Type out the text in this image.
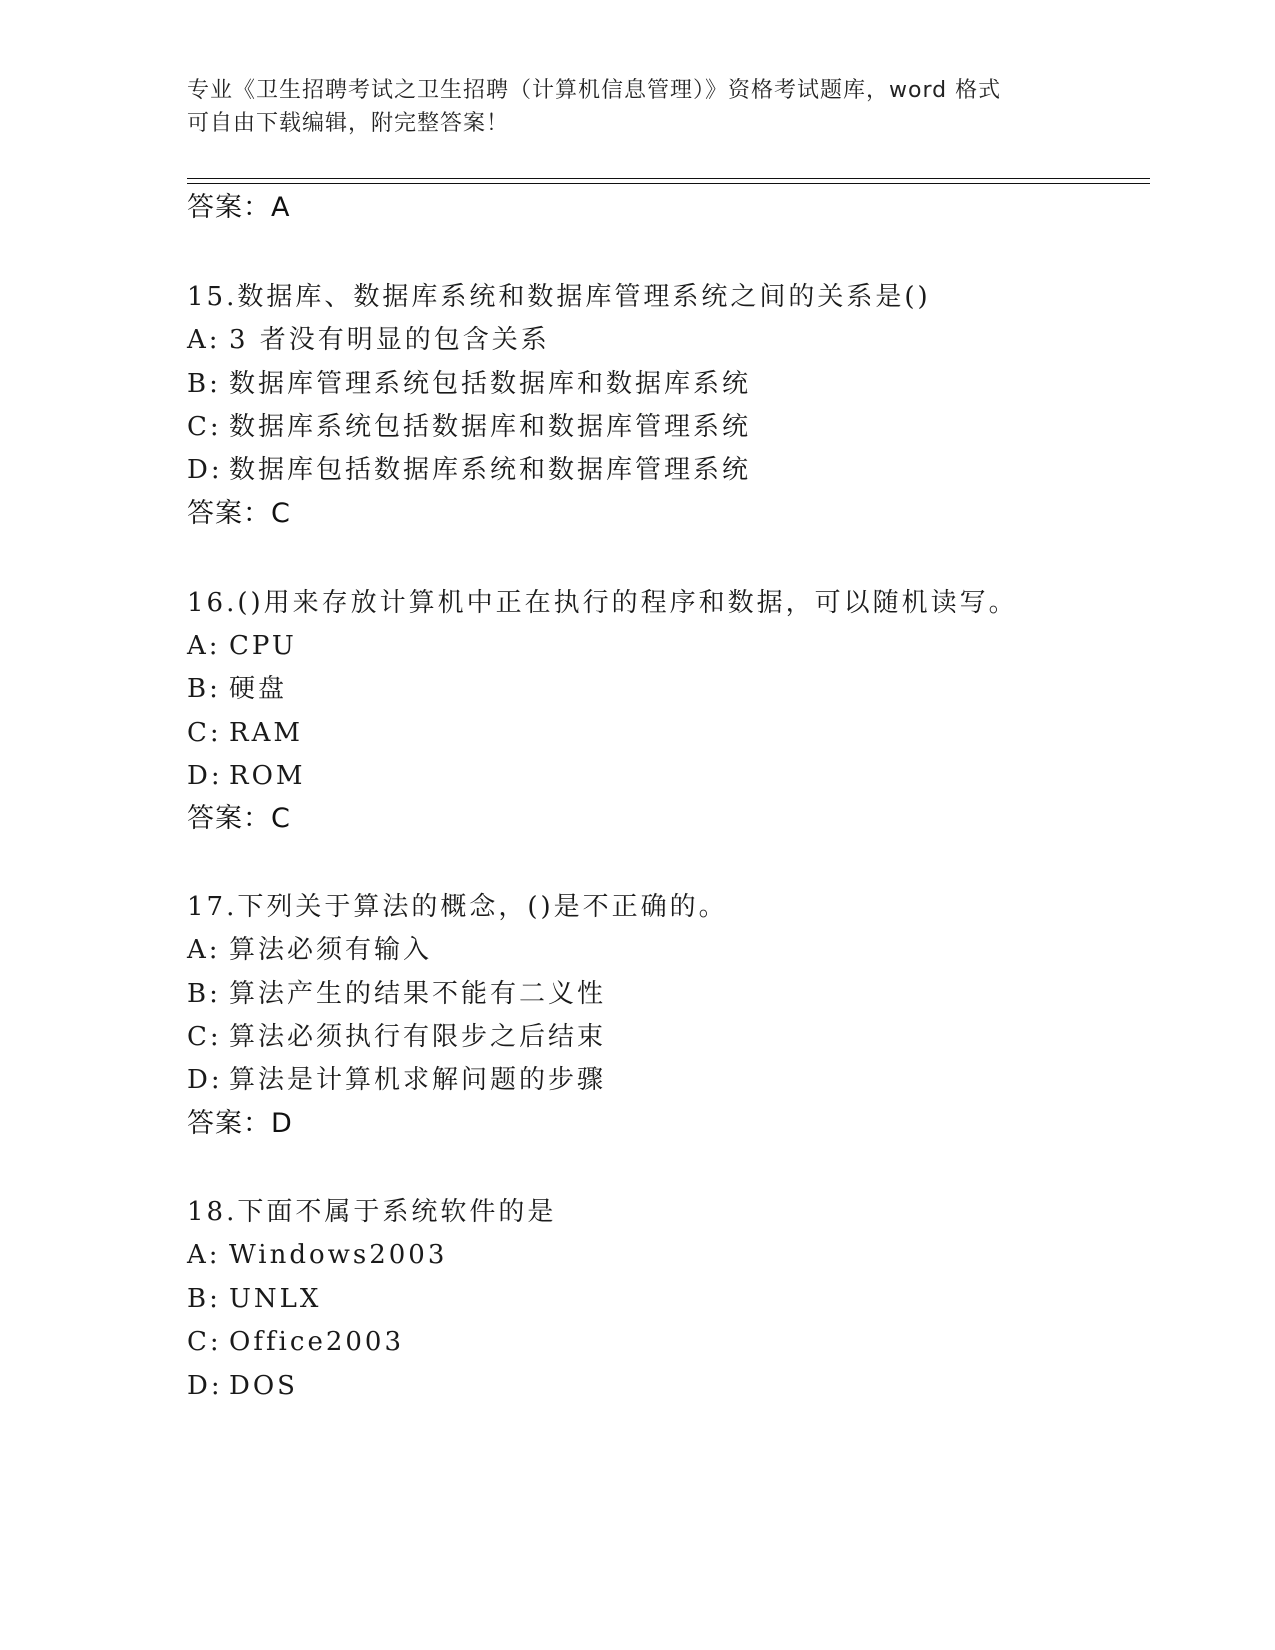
专业《卫生招聘考试之卫生招聘（计算机信息管理）》资格考试题库，word 格式
可自由下载编辑，附完整答案！
答案：A
15.数据库、数据库系统和数据库管理系统之间的关系是()
A: 3 者没有明显的包含关系
B: 数据库管理系统包括数据库和数据库系统
C: 数据库系统包括数据库和数据库管理系统
D: 数据库包括数据库系统和数据库管理系统
答案：C
16.()用来存放计算机中正在执行的程序和数据，可以随机读写。
A: CPU
B: 硬盘
C: RAM
D: ROM
答案：C
17.下列关于算法的概念，()是不正确的。
A: 算法必须有输入
B: 算法产生的结果不能有二义性
C: 算法必须执行有限步之后结束
D: 算法是计算机求解问题的步骤
答案：D
18.下面不属于系统软件的是
A: Windows2003
B: UNLX
C: Office2003
D: DOS
